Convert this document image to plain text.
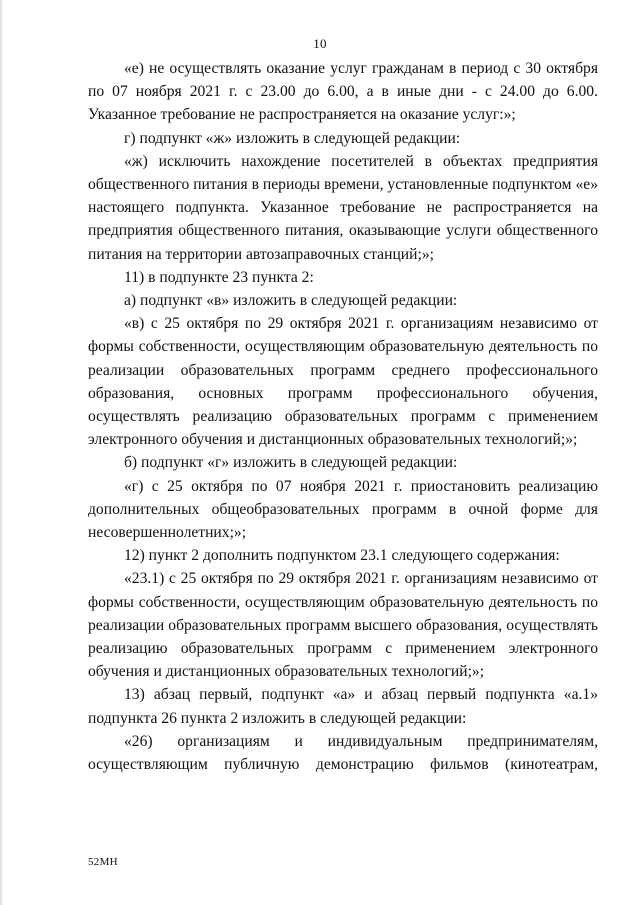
10

«е) не осуществлять оказание услуг гражданам в период с 30 октября по 07 ноября 2021 г. с 23.00 до 6.00, а в иные дни - с 24.00 до 6.00. Указанное требование не распространяется на оказание услуг:»;

г) подпункт «ж» изложить в следующей редакции:

«ж) исключить нахождение посетителей в объектах предприятия общественного питания в периоды времени, установленные подпунктом «е» настоящего подпункта. Указанное требование не распространяется на предприятия общественного питания, оказывающие услуги общественного питания на территории автозаправочных станций;»;

11) в подпункте 23 пункта 2:

а) подпункт «в» изложить в следующей редакции:

«в) с 25 октября по 29 октября 2021 г. организациям независимо от формы собственности, осуществляющим образовательную деятельность по реализации образовательных программ среднего профессионального образования, основных программ профессионального обучения, осуществлять реализацию образовательных программ с применением электронного обучения и дистанционных образовательных технологий;»;

б) подпункт «г» изложить в следующей редакции:

«г) с 25 октября по 07 ноября 2021 г. приостановить реализацию дополнительных общеобразовательных программ в очной форме для несовершеннолетних;»;

12) пункт 2 дополнить подпунктом 23.1 следующего содержания:

«23.1) с 25 октября по 29 октября 2021 г. организациям независимо от формы собственности, осуществляющим образовательную деятельность по реализации образовательных программ высшего образования, осуществлять реализацию образовательных программ с применением электронного обучения и дистанционных образовательных технологий;»;

13) абзац первый, подпункт «а» и абзац первый подпункта «а.1» подпункта 26 пункта 2 изложить в следующей редакции:

«26) организациям и индивидуальным предпринимателям, осуществляющим публичную демонстрацию фильмов (кинотеатрам,

52МН
